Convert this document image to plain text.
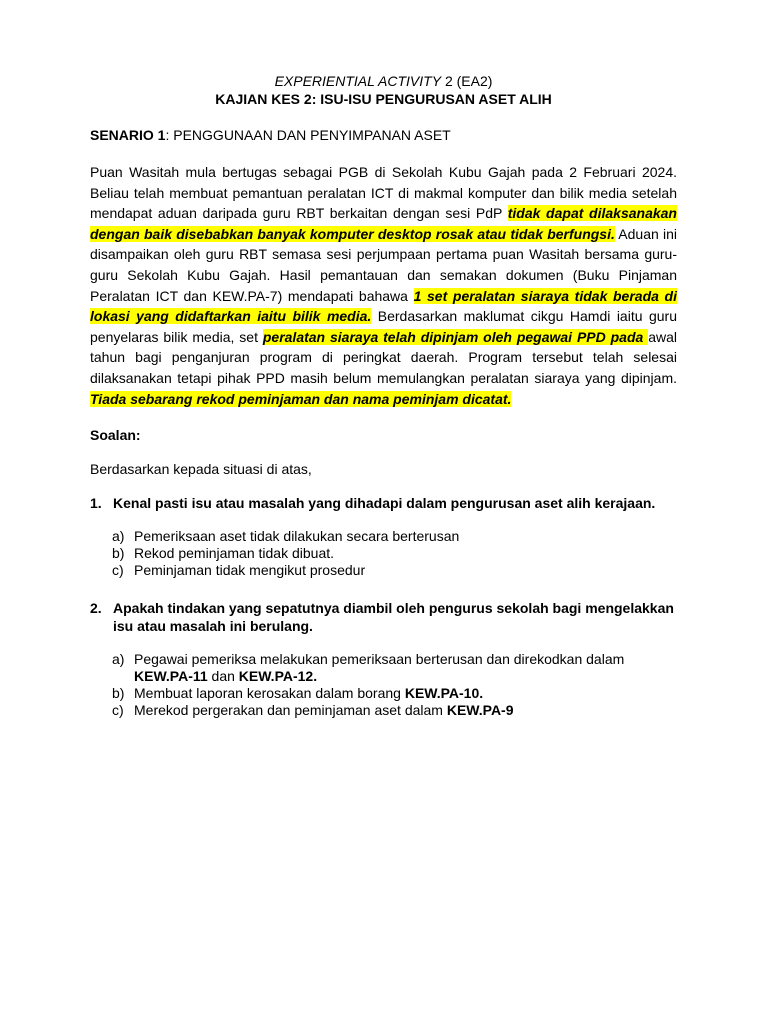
EXPERIENTIAL ACTIVITY 2 (EA2)
KAJIAN KES 2: ISU-ISU PENGURUSAN ASET ALIH
SENARIO 1: PENGGUNAAN DAN PENYIMPANAN ASET

Puan Wasitah mula bertugas sebagai PGB di Sekolah Kubu Gajah pada 2 Februari 2024. Beliau telah membuat pemantuan peralatan ICT di makmal komputer dan bilik media setelah mendapat aduan daripada guru RBT berkaitan dengan sesi PdP tidak dapat dilaksanakan dengan baik disebabkan banyak komputer desktop rosak atau tidak berfungsi. Aduan ini disampaikan oleh guru RBT semasa sesi perjumpaan pertama puan Wasitah bersama guru- guru Sekolah Kubu Gajah. Hasil pemantauan dan semakan dokumen (Buku Pinjaman Peralatan ICT dan KEW.PA-7) mendapati bahawa 1 set peralatan siaraya tidak berada di lokasi yang didaftarkan iaitu bilik media. Berdasarkan maklumat cikgu Hamdi iaitu guru penyelaras bilik media, set peralatan siaraya telah dipinjam oleh pegawai PPD pada awal tahun bagi penganjuran program di peringkat daerah. Program tersebut telah selesai dilaksanakan tetapi pihak PPD masih belum memulangkan peralatan siaraya yang dipinjam. Tiada sebarang rekod peminjaman dan nama peminjam dicatat.

Soalan:
Berdasarkan kepada situasi di atas,
1. Kenal pasti isu atau masalah yang dihadapi dalam pengurusan aset alih kerajaan.
a) Pemeriksaan aset tidak dilakukan secara berterusan
b) Rekod peminjaman tidak dibuat.
c) Peminjaman tidak mengikut prosedur
2. Apakah tindakan yang sepatutnya diambil oleh pengurus sekolah bagi mengelakkan isu atau masalah ini berulang.
a) Pegawai pemeriksa melakukan pemeriksaan berterusan dan direkodkan dalam KEW.PA-11 dan KEW.PA-12.
b) Membuat laporan kerosakan dalam borang KEW.PA-10.
c) Merekod pergerakan dan peminjaman aset dalam KEW.PA-9
